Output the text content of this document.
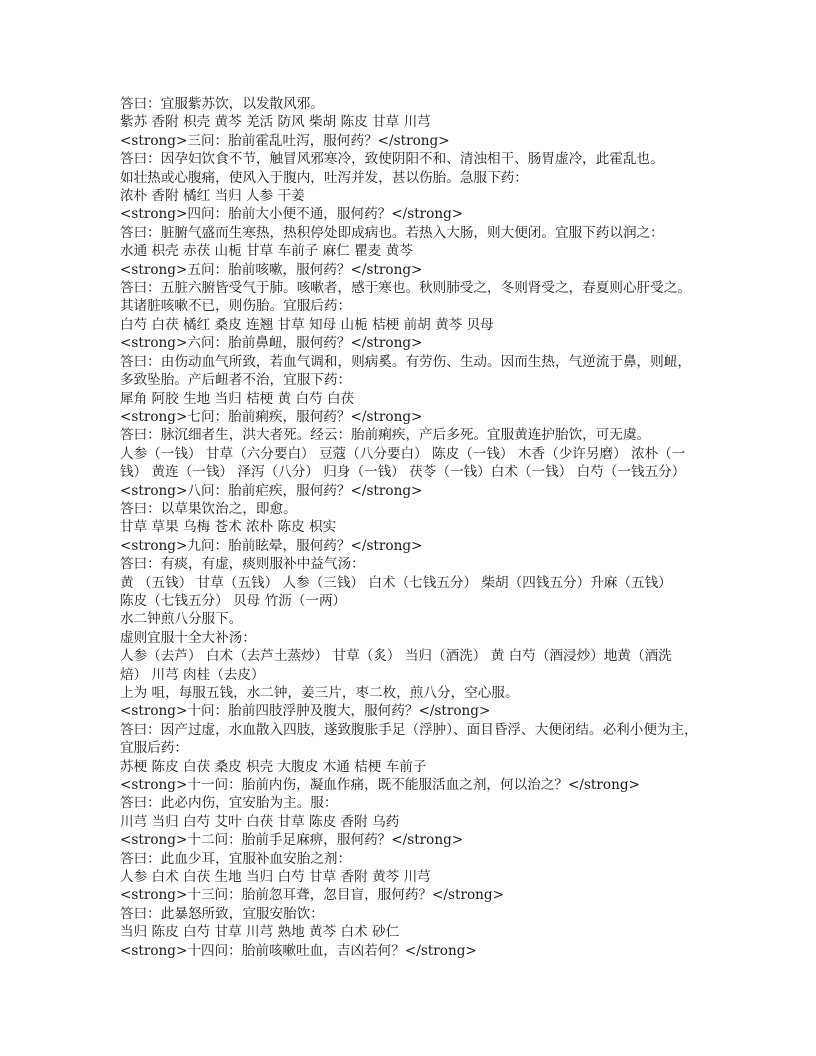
答曰：宜服紫苏饮，以发散风邪。
紫苏 香附 枳壳 黄芩 羌活 防风 柴胡 陈皮 甘草 川芎
<strong>三问：胎前霍乱吐泻，服何药？</strong>
答曰：因孕妇饮食不节，触冒风邪寒冷，致使阴阳不和、清浊相干、肠胃虚冷，此霍乱也。
如壮热或心腹痛，使风入于腹内，吐泻并发，甚以伤胎。急服下药：
浓朴 香附 橘红 当归 人参 干姜
<strong>四问：胎前大小便不通，服何药？</strong>
答曰：脏腑气盛而生寒热，热积停处即成病也。若热入大肠，则大便闭。宜服下药以润之：
水通 枳壳 赤茯 山栀 甘草 车前子 麻仁 瞿麦 黄芩
<strong>五问：胎前咳嗽，服何药？</strong>
答曰：五脏六腑皆受气于肺。咳嗽者，感于寒也。秋则肺受之，冬则肾受之，春夏则心肝受之。
其诸脏咳嗽不已，则伤胎。宜服后药：
白芍 白茯 橘红 桑皮 连翘 甘草 知母 山栀 桔梗 前胡 黄芩 贝母
<strong>六问：胎前鼻衄，服何药？</strong>
答曰：由伤动血气所致，若血气调和，则病奚。有劳伤、生动。因而生热，气逆流于鼻，则衄，
多致坠胎。产后衄者不治，宜服下药：
犀角 阿胶 生地 当归 桔梗 黄 白芍 白茯
<strong>七问：胎前痢疾，服何药？</strong>
答曰：脉沉细者生，洪大者死。经云：胎前痢疾，产后多死。宜服黄连护胎饮，可无虞。
人参（一钱） 甘草（六分要白） 豆蔻（八分要白） 陈皮（一钱） 木香（少许另磨） 浓朴（一
钱） 黄连（一钱） 泽泻（八分） 归身（一钱） 茯苓（一钱）白术（一钱） 白芍（一钱五分）
<strong>八问：胎前疟疾，服何药？</strong>
答曰：以草果饮治之，即愈。
甘草 草果 乌梅 苍术 浓朴 陈皮 枳实
<strong>九问：胎前眩晕，服何药？</strong>
答曰：有痰，有虚，痰则服补中益气汤：
黄 （五钱） 甘草（五钱） 人参（三钱） 白术（七钱五分） 柴胡（四钱五分）升麻（五钱）
陈皮（七钱五分） 贝母 竹沥（一两）
水二钟煎八分服下。
虚则宜服十全大补汤：
人参（去芦） 白术（去芦土蒸炒） 甘草（炙） 当归（酒洗） 黄 白芍（酒浸炒）地黄（酒洗
焙） 川芎 肉桂（去皮）
上为 咀，每服五钱，水二钟，姜三片，枣二枚，煎八分，空心服。
<strong>十问：胎前四肢浮肿及腹大，服何药？</strong>
答曰：因产过虚，水血散入四肢，遂致腹胀手足（浮肿）、面目昏浮、大便闭结。必利小便为主，
宜服后药：
苏梗 陈皮 白茯 桑皮 枳壳 大腹皮 木通 桔梗 车前子
<strong>十一问：胎前内伤，凝血作痛，既不能服活血之剂，何以治之？</strong>
答曰：此必内伤，宜安胎为主。服：
川芎 当归 白芍 艾叶 白茯 甘草 陈皮 香附 乌药
<strong>十二问：胎前手足麻痹，服何药？</strong>
答曰：此血少耳，宜服补血安胎之剂：
人参 白术 白茯 生地 当归 白芍 甘草 香附 黄芩 川芎
<strong>十三问：胎前忽耳聋，忽目盲，服何药？</strong>
答曰：此暴怒所致，宜服安胎饮：
当归 陈皮 白芍 甘草 川芎 熟地 黄芩 白术 砂仁
<strong>十四问：胎前咳嗽吐血，吉凶若何？</strong>
